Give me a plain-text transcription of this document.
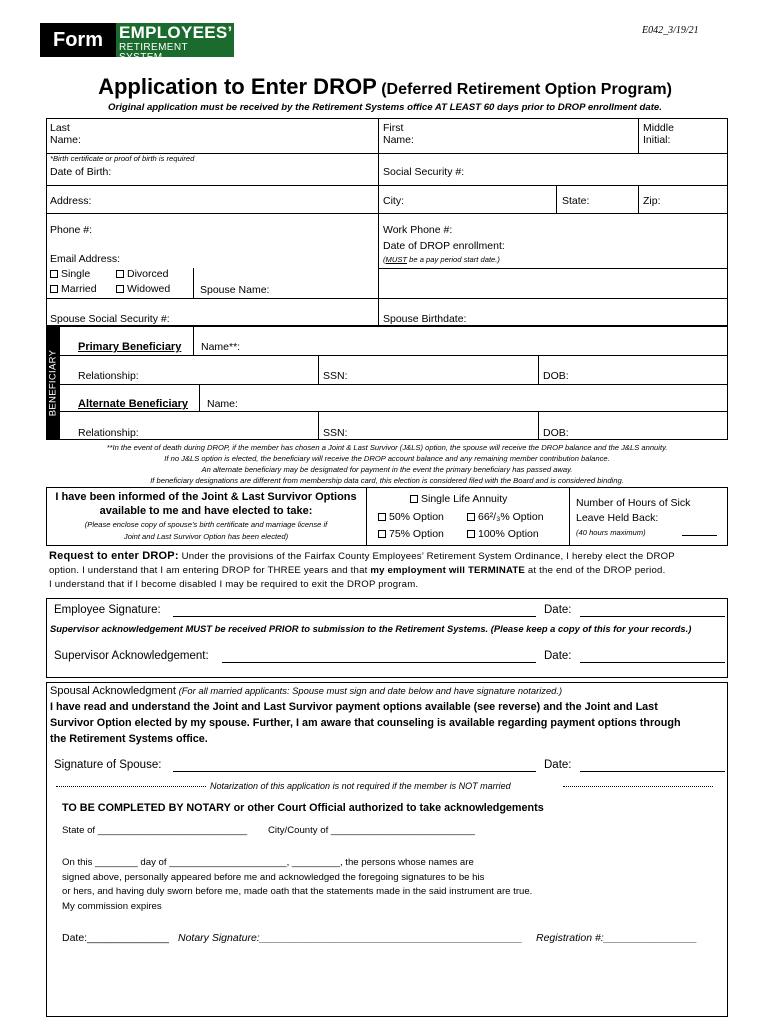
E042_3/19/21
Form EMPLOYEES’
RETIREMENT SYSTEM
Application to Enter DROP (Deferred Retirement Option Program)
Original application must be received by the Retirement Systems office AT LEAST 60 days prior to DROP enrollment date.
Last
Name:
First
Name:
Middle
Initial:
*Birth certificate or proof of birth is required
Date of Birth:	Social Security #:
Address:	City:	State:	Zip:
Phone #:	Work Phone #:
Date of DROP enrollment:
(MUST be a pay period start date.)
Email Address:
Single	Divorced
Married	Widowed	Spouse Name:
Spouse Social Security #:	Spouse Birthdate:
BENEFICIARY
Primary Beneficiary Name**:
Relationship:	SSN:	DOB:
Alternate Beneficiary Name:
Relationship:	SSN:	DOB:
**In the event of death during DROP, if the member has chosen a Joint & Last Survivor (J&LS) option, the spouse will receive the DROP balance and the J&LS annuity.
If no J&LS option is elected, the beneficiary will receive the DROP account balance and any remaining member contribution balance.
An alternate beneficiary may be designated for payment in the event the primary beneficiary has passed away.
If beneficiary designations are different from membership data card, this election is considered filed with the Board and is considered binding.
I have been informed of the Joint & Last Survivor Options
available to me and have elected to take:
(Please enclose copy of spouse’s birth certificate and marriage license if
Joint and Last Survivor Option has been elected)
Single Life Annuity
50% Option	66²/₃% Option
75% Option	100% Option
Number of Hours of Sick
Leave Held Back:
(40 hours maximum)
Request to enter DROP: Under the provisions of the Fairfax County Employees’ Retirement System Ordinance, I hereby elect the DROP
option. I understand that I am entering DROP for THREE years and that my employment will TERMINATE at the end of the DROP period.
I understand that if I become disabled I may be required to exit the DROP program.
Employee Signature:	Date:
Supervisor acknowledgement MUST be received PRIOR to submission to the Retirement Systems. (Please keep a copy of this for your records.)
Supervisor Acknowledgement:	Date:
Spousal Acknowledgment (For all married applicants: Spouse must sign and date below and have signature notarized.)
I have read and understand the Joint and Last Survivor payment options available (see reverse) and the Joint and Last
Survivor Option elected by my spouse. Further, I am aware that counseling is available regarding payment options through
the Retirement Systems office.
Signature of Spouse:	Date:
Notarization of this application is not required if the member is NOT married
TO BE COMPLETED BY NOTARY or other Court Official authorized to take acknowledgements
State of ____________________________ City/County of ___________________________
On this ________ day of ______________________, _________, the persons whose names are
signed above, personally appeared before me and acknowledged the foregoing signatures to be his
or hers, and having duly sworn before me, made oath that the statements made in the said instrument are true.
My commission expires
Date:______________ Notary Signature:_____________________________________________ Registration #:________________
